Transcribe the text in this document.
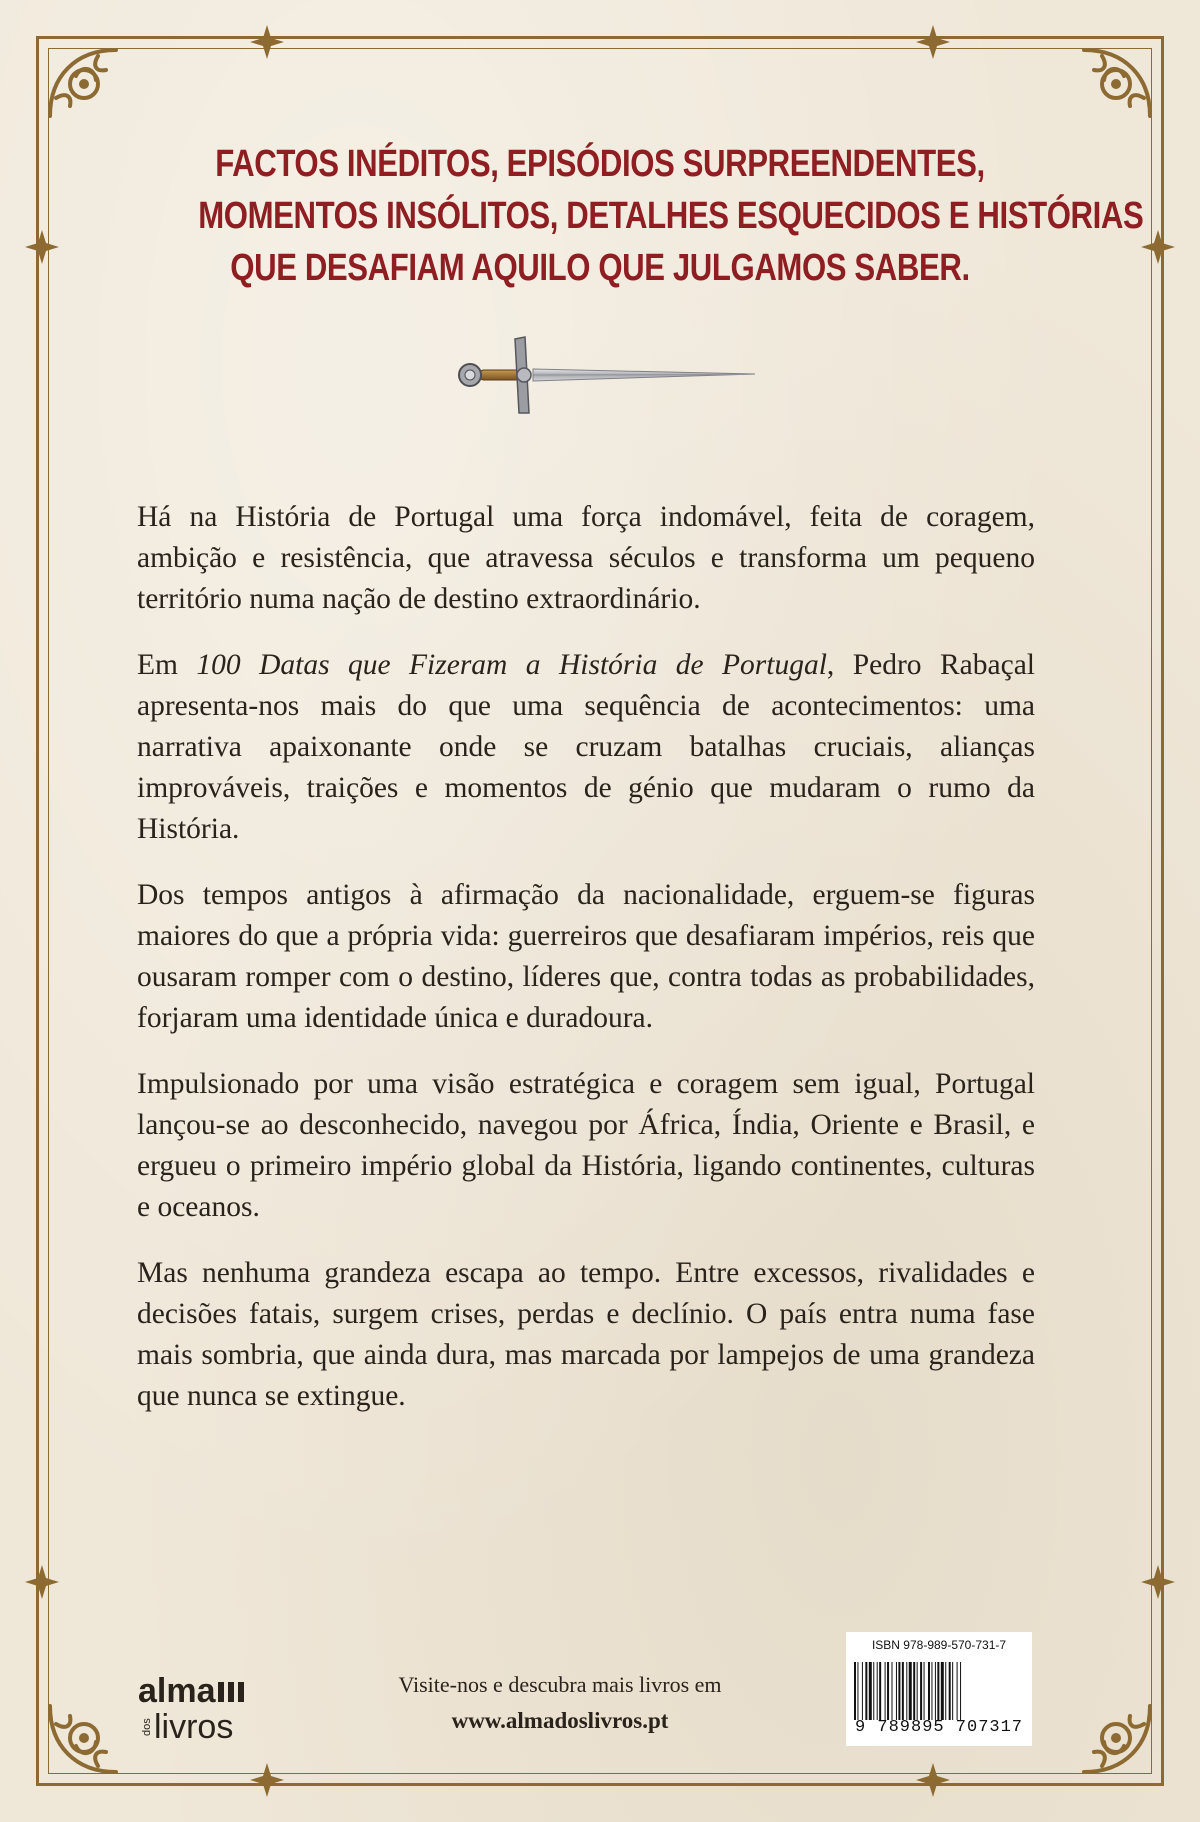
FACTOS INÉDITOS, EPISÓDIOS SURPREENDENTES,
MOMENTOS INSÓLITOS, DETALHES ESQUECIDOS E HISTÓRIAS
QUE DESAFIAM AQUILO QUE JULGAMOS SABER.

Há na História de Portugal uma força indomável, feita de coragem, ambição e resistência, que atravessa séculos e transforma um pequeno território numa nação de destino extraordinário.

Em 100 Datas que Fizeram a História de Portugal, Pedro Rabaçal apresenta-nos mais do que uma sequência de acontecimentos: uma narrativa apaixonante onde se cruzam batalhas cruciais, alianças improváveis, traições e momentos de génio que mudaram o rumo da História.

Dos tempos antigos à afirmação da nacionalidade, erguem-se figuras maiores do que a própria vida: guerreiros que desafiaram impérios, reis que ousaram romper com o destino, líderes que, contra todas as probabilidades, forjaram uma identidade única e duradoura.

Impulsionado por uma visão estratégica e coragem sem igual, Portugal lançou-se ao desconhecido, navegou por África, Índia, Oriente e Brasil, e ergueu o primeiro império global da História, ligando continentes, culturas e oceanos.

Mas nenhuma grandeza escapa ao tempo. Entre excessos, rivalidades e decisões fatais, surgem crises, perdas e declínio. O país entra numa fase mais sombria, que ainda dura, mas marcada por lampejos de uma grandeza que nunca se extingue.

alma
dos livros
Visite-nos e descubra mais livros em
www.almadoslivros.pt
ISBN 978-989-570-731-7
9 789895 707317
